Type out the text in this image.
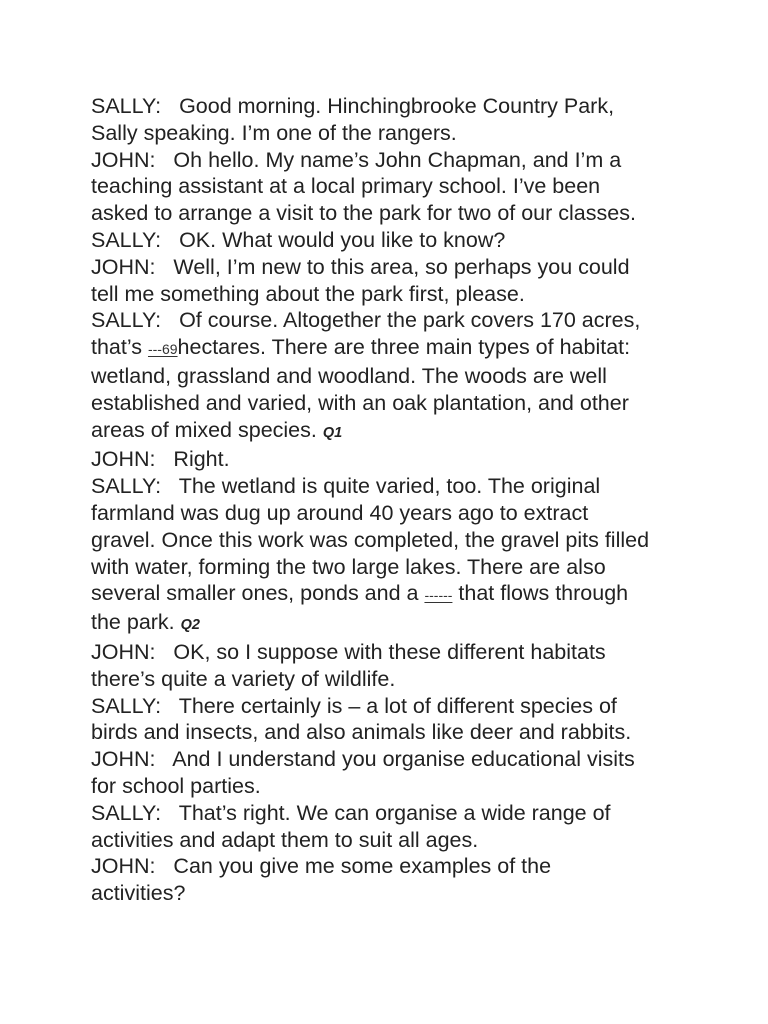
SALLY: Good morning. Hinchingbrooke Country Park,
Sally speaking. I’m one of the rangers.
JOHN: Oh hello. My name’s John Chapman, and I’m a
teaching assistant at a local primary school. I’ve been
asked to arrange a visit to the park for two of our classes.
SALLY: OK. What would you like to know?
JOHN: Well, I’m new to this area, so perhaps you could
tell me something about the park first, please.
SALLY: Of course. Altogether the park covers 170 acres,
that’s ---69hectares. There are three main types of habitat:
wetland, grassland and woodland. The woods are well
established and varied, with an oak plantation, and other
areas of mixed species. Q1
JOHN: Right.
SALLY: The wetland is quite varied, too. The original
farmland was dug up around 40 years ago to extract
gravel. Once this work was completed, the gravel pits filled
with water, forming the two large lakes. There are also
several smaller ones, ponds and a ------ that flows through
the park. Q2
JOHN: OK, so I suppose with these different habitats
there’s quite a variety of wildlife.
SALLY: There certainly is – a lot of different species of
birds and insects, and also animals like deer and rabbits.
JOHN: And I understand you organise educational visits
for school parties.
SALLY: That’s right. We can organise a wide range of
activities and adapt them to suit all ages.
JOHN: Can you give me some examples of the
activities?
